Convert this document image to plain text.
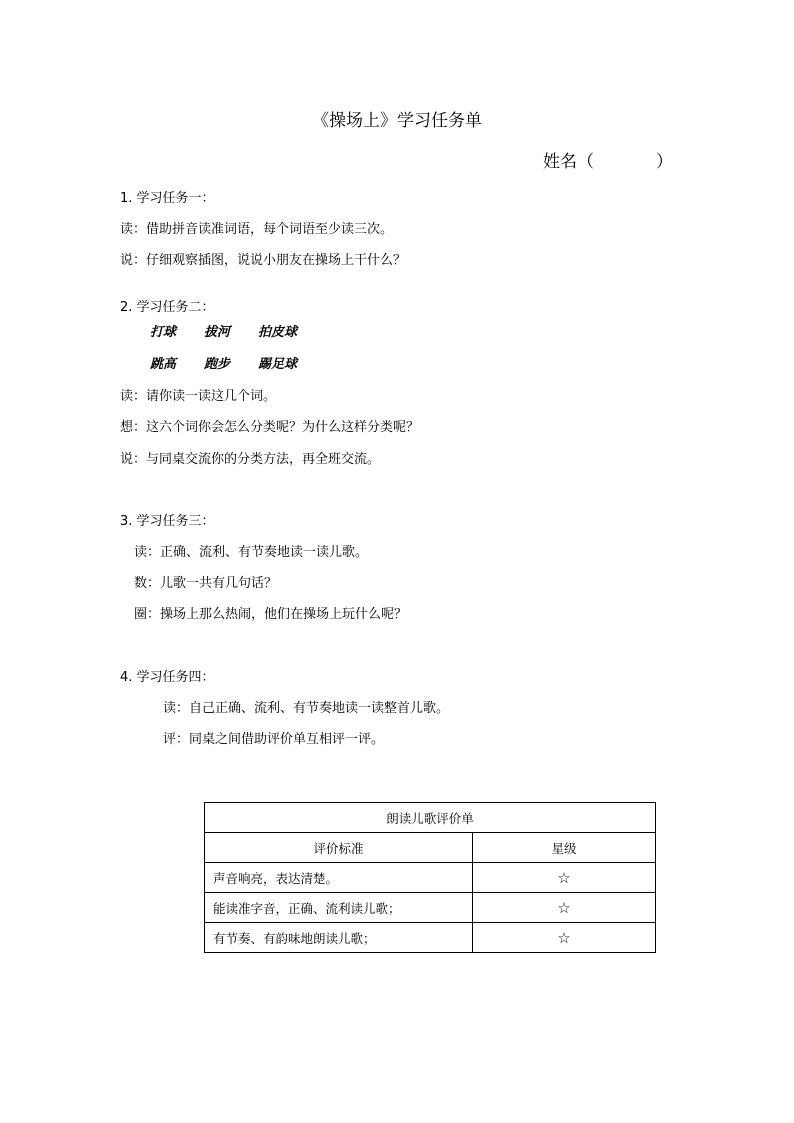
《操场上》学习任务单
姓名（	）
1. 学习任务一：
读：借助拼音读准词语，每个词语至少读三次。
说：仔细观察插图，说说小朋友在操场上干什么？
2. 学习任务二：
打球 拔河 拍皮球
跳高 跑步 踢足球
读：请你读一读这几个词。
想：这六个词你会怎么分类呢？为什么这样分类呢？
说：与同桌交流你的分类方法，再全班交流。
3. 学习任务三：
读：正确、流利、有节奏地读一读儿歌。
数：儿歌一共有几句话？
圈：操场上那么热闹，他们在操场上玩什么呢？
4. 学习任务四：
读：自己正确、流利、有节奏地读一读整首儿歌。
评：同桌之间借助评价单互相评一评。
朗读儿歌评价单	
评价标准	星级
声音响亮，表达清楚。	☆
能读准字音，正确、流利读儿歌；	☆
有节奏、有韵味地朗读儿歌；	☆
